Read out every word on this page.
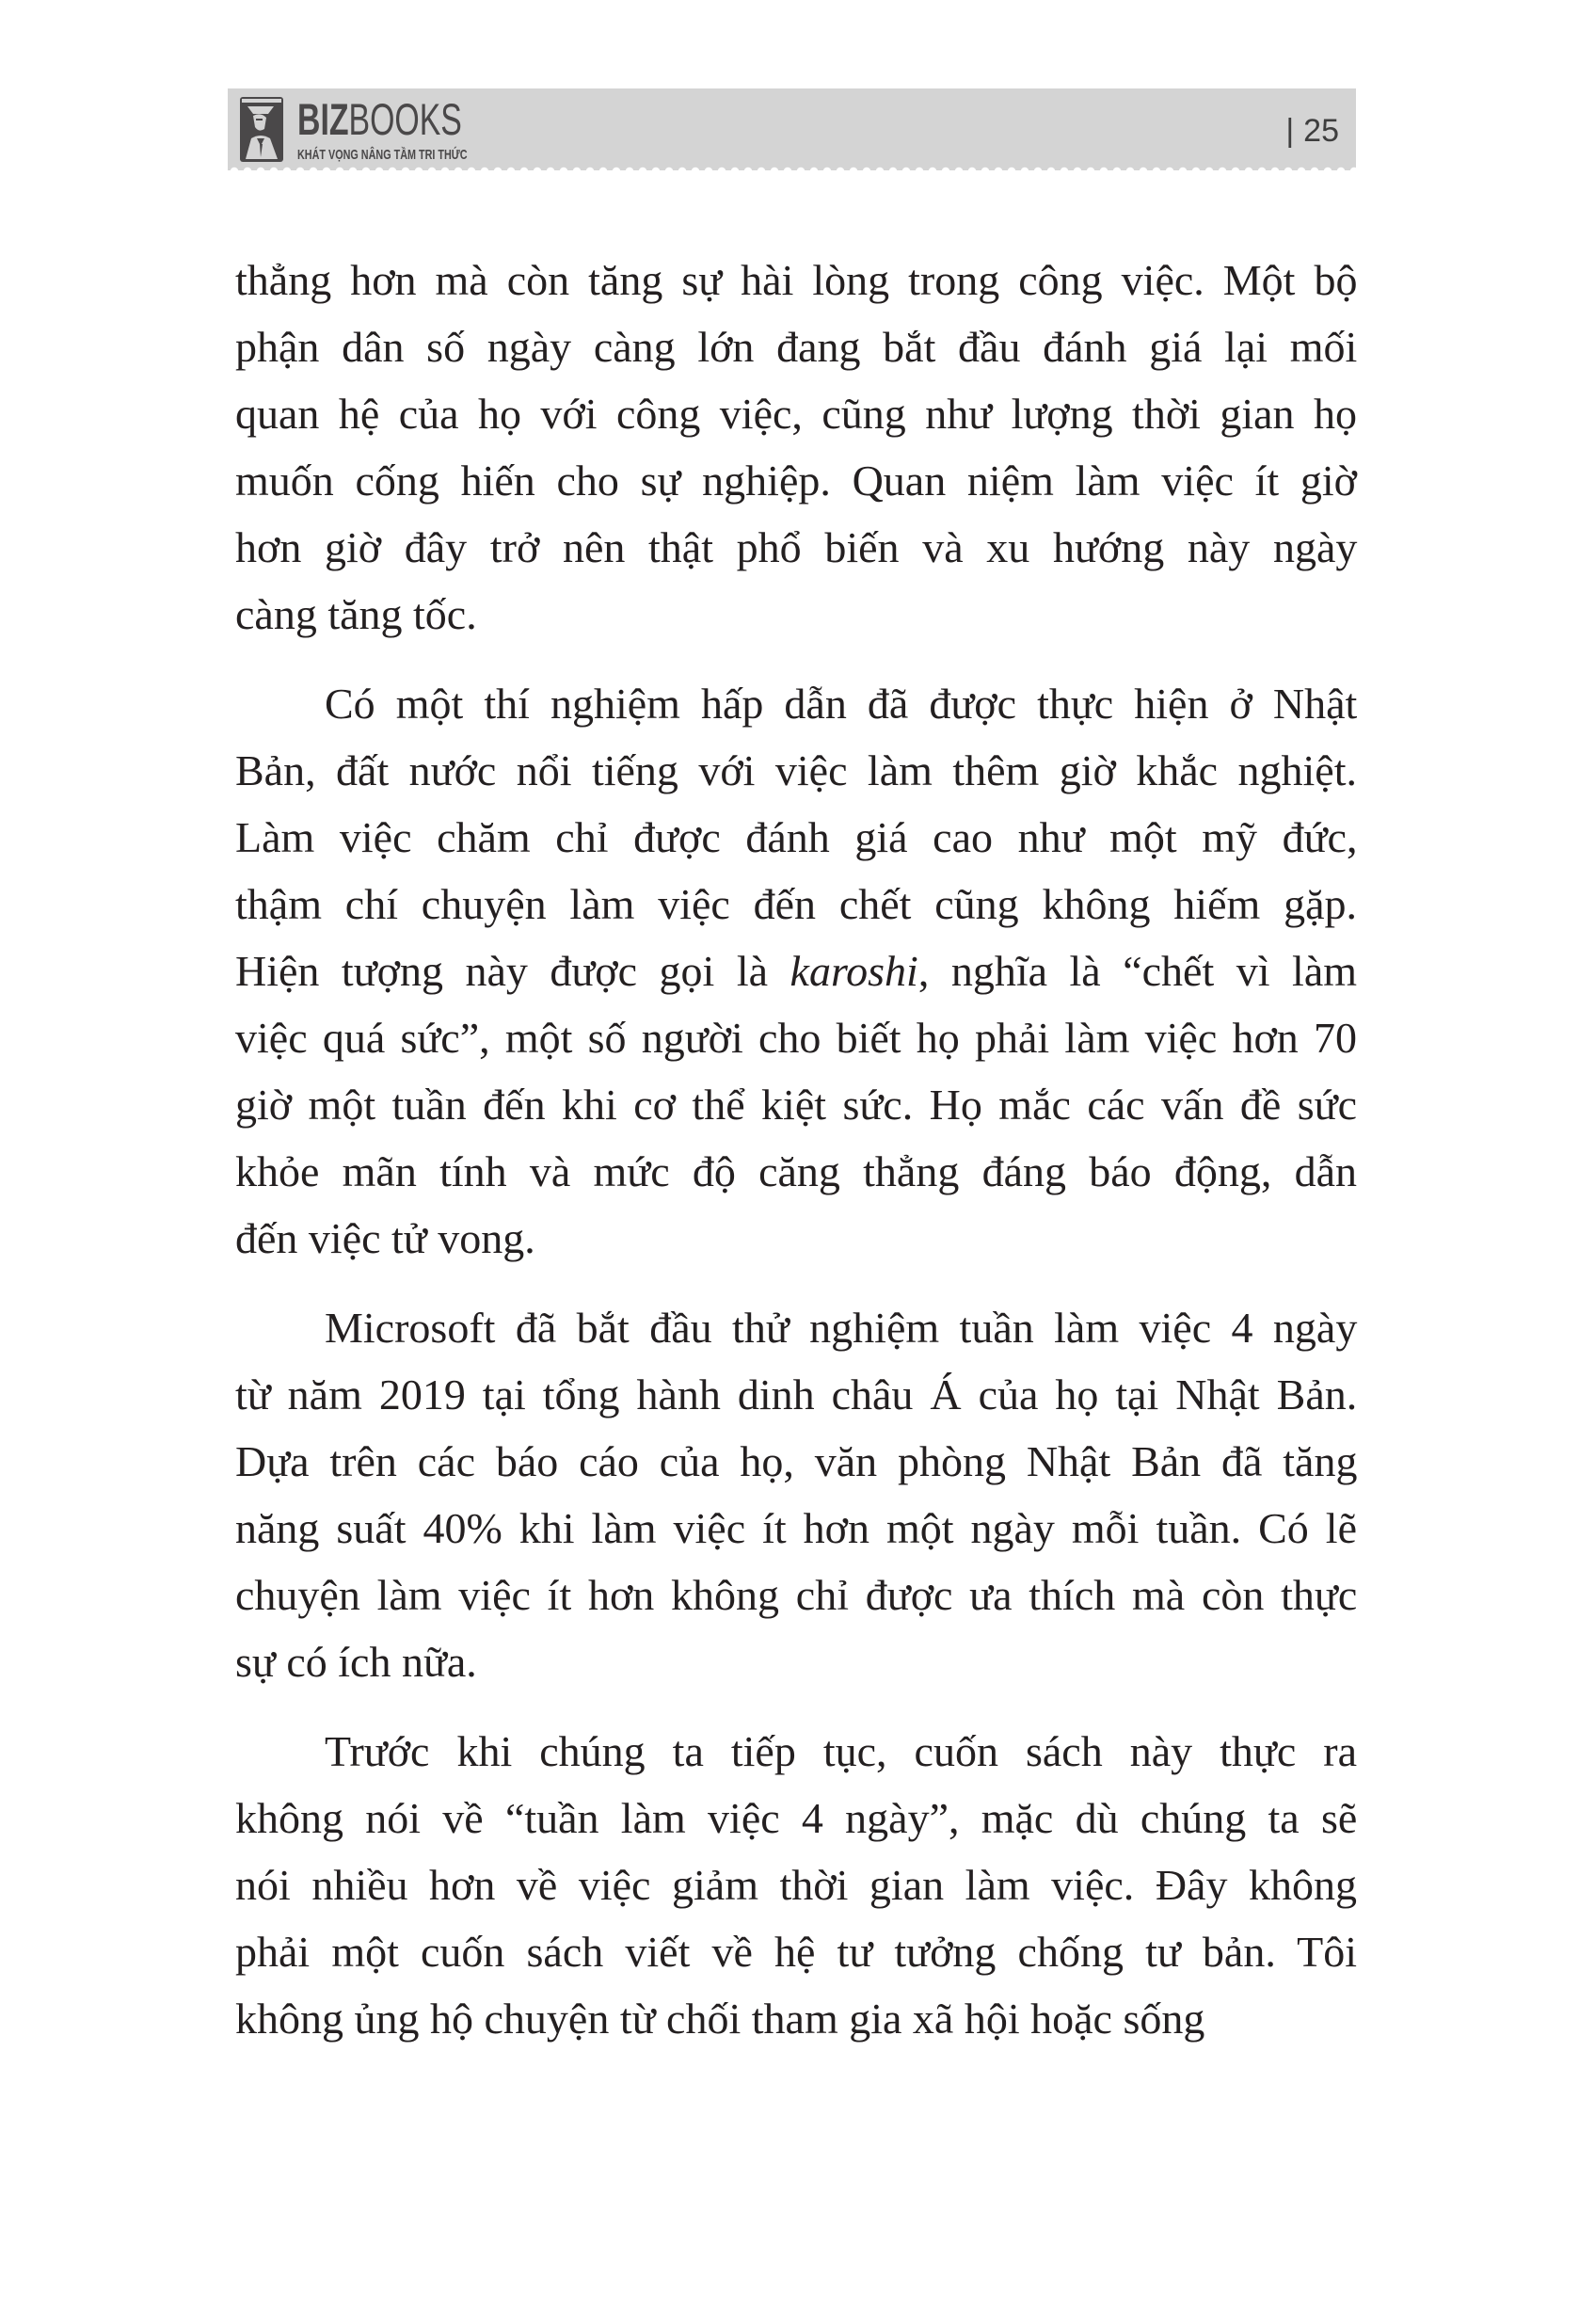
BIZBOOKS
KHÁT VỌNG NÂNG TẦM TRI THỨC
| 25
thẳng hơn mà còn tăng sự hài lòng trong công việc. Một bộ
phận dân số ngày càng lớn đang bắt đầu đánh giá lại mối
quan hệ của họ với công việc, cũng như lượng thời gian họ
muốn cống hiến cho sự nghiệp. Quan niệm làm việc ít giờ
hơn giờ đây trở nên thật phổ biến và xu hướng này ngày
càng tăng tốc.
Có một thí nghiệm hấp dẫn đã được thực hiện ở Nhật
Bản, đất nước nổi tiếng với việc làm thêm giờ khắc nghiệt.
Làm việc chăm chỉ được đánh giá cao như một mỹ đức,
thậm chí chuyện làm việc đến chết cũng không hiếm gặp.
Hiện tượng này được gọi là karoshi, nghĩa là “chết vì làm
việc quá sức”, một số người cho biết họ phải làm việc hơn 70
giờ một tuần đến khi cơ thể kiệt sức. Họ mắc các vấn đề sức
khỏe mãn tính và mức độ căng thẳng đáng báo động, dẫn
đến việc tử vong.
Microsoft đã bắt đầu thử nghiệm tuần làm việc 4 ngày
từ năm 2019 tại tổng hành dinh châu Á của họ tại Nhật Bản.
Dựa trên các báo cáo của họ, văn phòng Nhật Bản đã tăng
năng suất 40% khi làm việc ít hơn một ngày mỗi tuần. Có lẽ
chuyện làm việc ít hơn không chỉ được ưa thích mà còn thực
sự có ích nữa.
Trước khi chúng ta tiếp tục, cuốn sách này thực ra
không nói về “tuần làm việc 4 ngày”, mặc dù chúng ta sẽ
nói nhiều hơn về việc giảm thời gian làm việc. Đây không
phải một cuốn sách viết về hệ tư tưởng chống tư bản. Tôi
không ủng hộ chuyện từ chối tham gia xã hội hoặc sống
